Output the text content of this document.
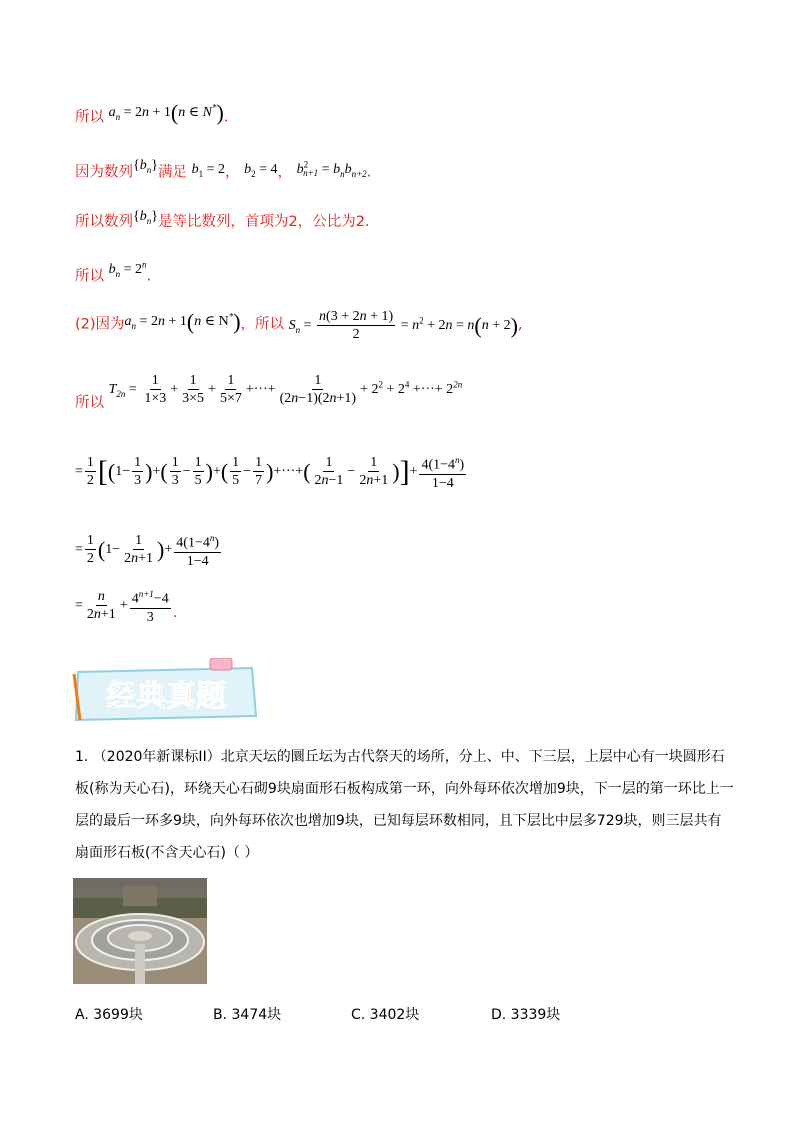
所以 $a_n = 2n + 1(n$ ∈ N*).
因为数列$\{b_n\}$满足 $b_1 = 2$， $b_2 = 4$， $b^2_{n+1} = b_nb_{n+2}$.
所以数列$\{b_n\}$是等比数列，首项为2，公比为2.
所以 $b_n = 2^n$.
(2)因为$a_n = 2n + 1(n$ ∈ N*)，所以 $S_n = \frac{n(3 + 2n + 1)}{2} = n^2 + 2n = n(n + 2)$,
所以 $T_{2n} = \frac{1}{1\times 3} + \frac{1}{3\times 5} + \frac{1}{5\times 7}$ +···+ $\frac{1}{(2n-1)(2n+1)} + 2^2 + 2^4$ +···+ $2^{2n}$
= $\frac{1}{2} [(1- \frac{1}{3}$ )+( $\frac{1}{3} - \frac{1}{5}$ )+( $\frac{1}{5} - \frac{1}{7}$ )+···+( $\frac{1}{2n-1} - \frac{1}{2n+1}$ )]+ $\frac{4(1-4^n)}{1-4}$
= $\frac{1}{2} (1- \frac{1}{2n+1}$ )+ $\frac{4(1-4^n)}{1-4}$
= $\frac{n}{2n+1} + \frac{4^{n+1}-4}{3}$ .
经典真题
1. （2020年新课标II）北京天坛的圜丘坛为古代祭天的场所，分上、中、下三层，上层中心有一块圆形石板(称为天心石)，环绕天心石砌9块扇面形石板构成第一环，向外每环依次增加9块，下一层的第一环比上一层的最后一环多9块，向外每环依次也增加9块，已知每层环数相同，且下层比中层多729块，则三层共有扇面形石板(不含天心石)（ ）
A. 3699块	B. 3474块	C. 3402块	D. 3339块
